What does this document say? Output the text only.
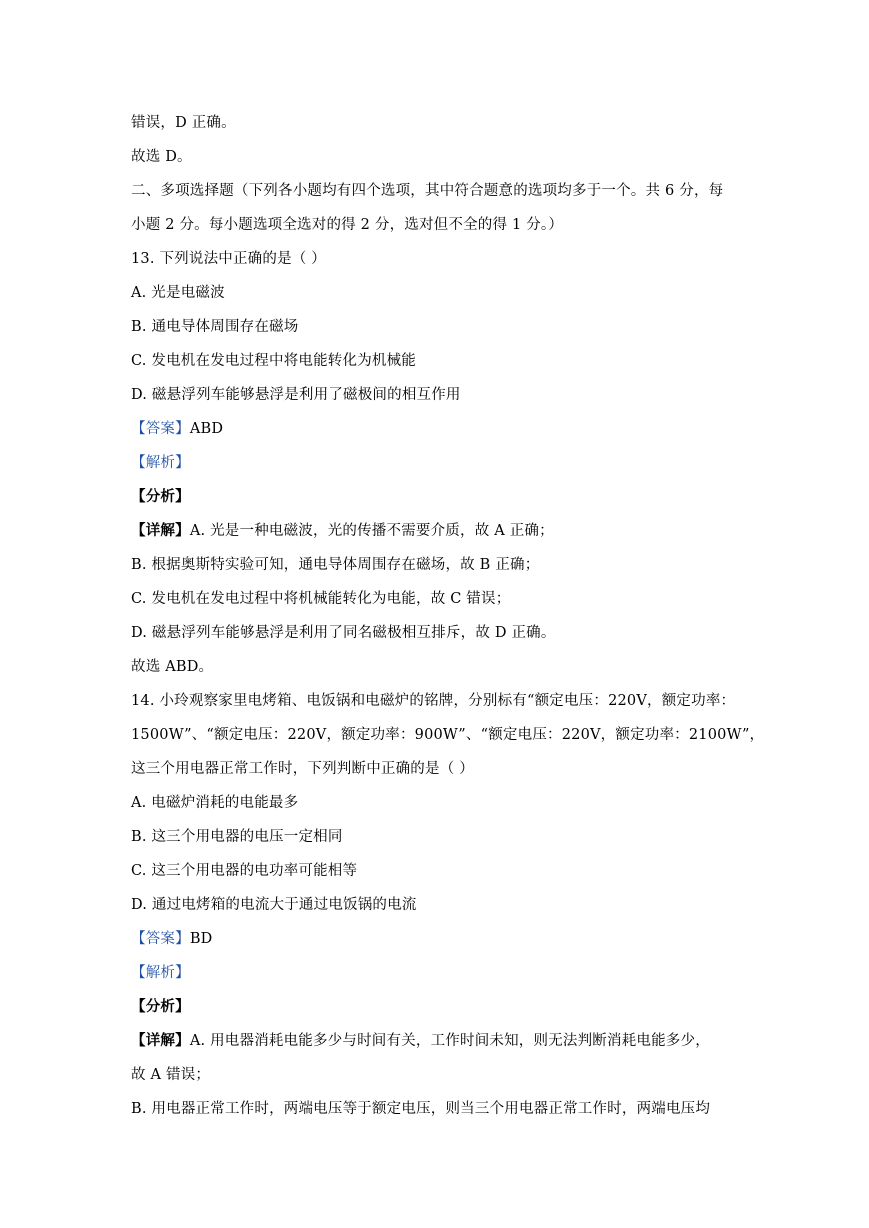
错误，D 正确。
故选 D。
二、多项选择题（下列各小题均有四个选项，其中符合题意的选项均多于一个。共 6 分，每
小题 2 分。每小题选项全选对的得 2 分，选对但不全的得 1 分。）
13. 下列说法中正确的是（ ）
A. 光是电磁波
B. 通电导体周围存在磁场
C. 发电机在发电过程中将电能转化为机械能
D. 磁悬浮列车能够悬浮是利用了磁极间的相互作用
【答案】ABD
【解析】
【分析】
【详解】A. 光是一种电磁波，光的传播不需要介质，故 A 正确；
B. 根据奥斯特实验可知，通电导体周围存在磁场，故 B 正确；
C. 发电机在发电过程中将机械能转化为电能，故 C 错误；
D. 磁悬浮列车能够悬浮是利用了同名磁极相互排斥，故 D 正确。
故选 ABD。
14. 小玲观察家里电烤箱、电饭锅和电磁炉的铭牌，分别标有“额定电压：220V，额定功率：
1500W”、“额定电压：220V，额定功率：900W”、“额定电压：220V，额定功率：2100W”，
这三个用电器正常工作时，下列判断中正确的是（ ）
A. 电磁炉消耗的电能最多
B. 这三个用电器的电压一定相同
C. 这三个用电器的电功率可能相等
D. 通过电烤箱的电流大于通过电饭锅的电流
【答案】BD
【解析】
【分析】
【详解】A. 用电器消耗电能多少与时间有关，工作时间未知，则无法判断消耗电能多少，
故 A 错误；
B. 用电器正常工作时，两端电压等于额定电压，则当三个用电器正常工作时，两端电压均
